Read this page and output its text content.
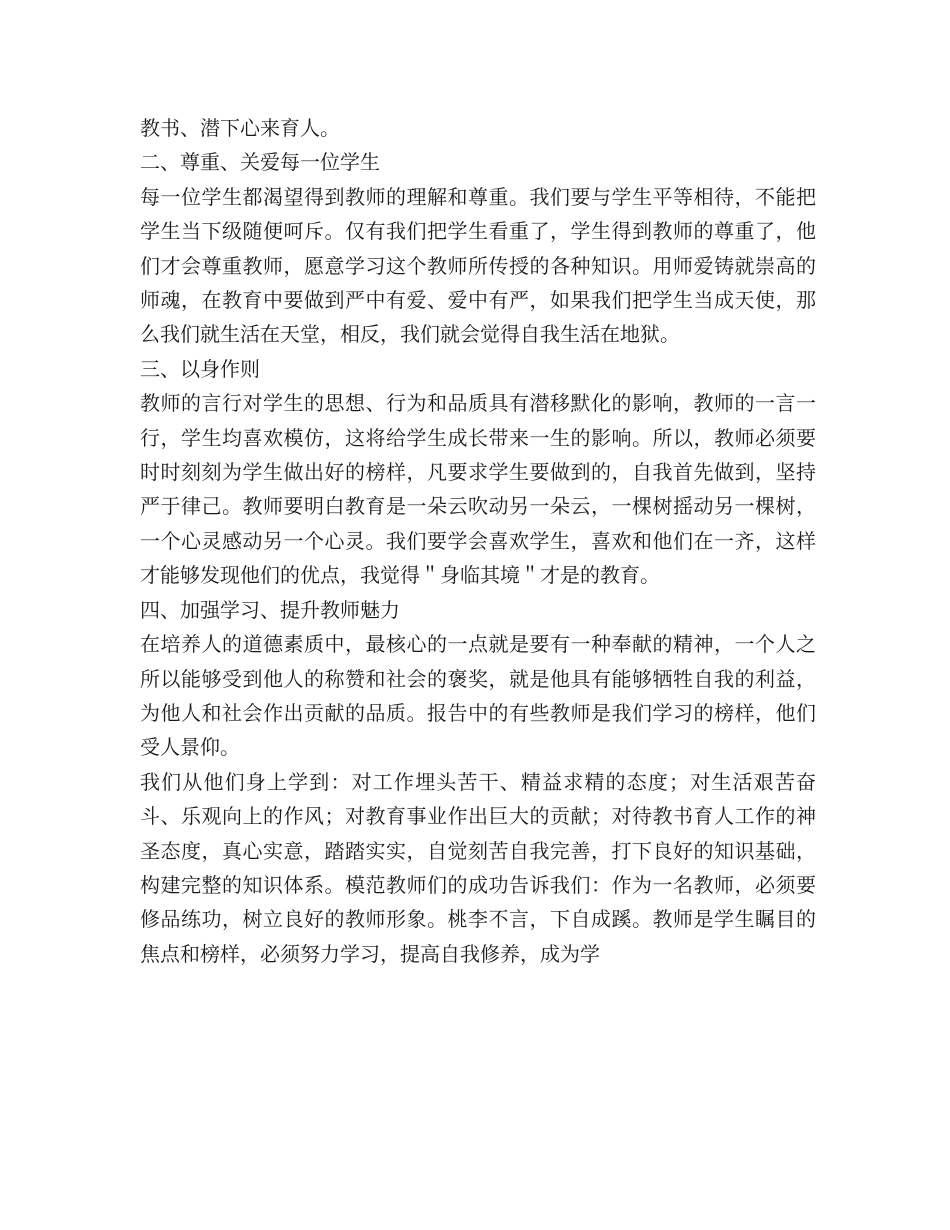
教书、潜下心来育人。

二、尊重、关爱每一位学生

每一位学生都渴望得到教师的理解和尊重。我们要与学生平等相待，不能把学生当下级随便呵斥。仅有我们把学生看重了，学生得到教师的尊重了，他们才会尊重教师，愿意学习这个教师所传授的各种知识。用师爱铸就崇高的师魂，在教育中要做到严中有爱、爱中有严，如果我们把学生当成天使，那么我们就生活在天堂，相反，我们就会觉得自我生活在地狱。

三、以身作则

教师的言行对学生的思想、行为和品质具有潜移默化的影响，教师的一言一行，学生均喜欢模仿，这将给学生成长带来一生的影响。所以，教师必须要时时刻刻为学生做出好的榜样，凡要求学生要做到的，自我首先做到，坚持严于律己。教师要明白教育是一朵云吹动另一朵云，一棵树摇动另一棵树，一个心灵感动另一个心灵。我们要学会喜欢学生，喜欢和他们在一齐，这样才能够发现他们的优点，我觉得＂身临其境＂才是的教育。

四、加强学习、提升教师魅力

在培养人的道德素质中，最核心的一点就是要有一种奉献的精神，一个人之所以能够受到他人的称赞和社会的褒奖，就是他具有能够牺牲自我的利益，为他人和社会作出贡献的品质。报告中的有些教师是我们学习的榜样，他们受人景仰。

我们从他们身上学到：对工作埋头苦干、精益求精的态度；对生活艰苦奋斗、乐观向上的作风；对教育事业作出巨大的贡献；对待教书育人工作的神圣态度，真心实意，踏踏实实，自觉刻苦自我完善，打下良好的知识基础，构建完整的知识体系。模范教师们的成功告诉我们：作为一名教师，必须要修品练功，树立良好的教师形象。桃李不言，下自成蹊。教师是学生瞩目的焦点和榜样，必须努力学习，提高自我修养，成为学
